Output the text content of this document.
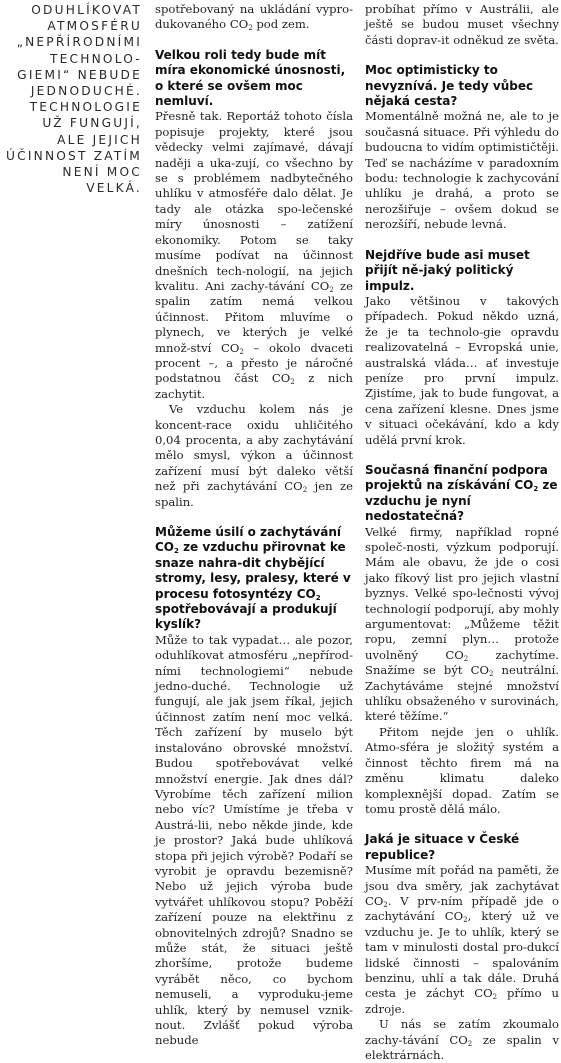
ODUHLÍKOVAT

ATMOSFÉRU

„NEPŘÍRODNÍMI

TECHNOLO-

GIEMI“ NEBUDE

JEDNODUCHÉ.

TECHNOLOGIE

UŽ FUNGUJÍ,

ALE JEJICH

ÚČINNOST ZATÍM

NENÍ MOC

VELKÁ.

spotřebovaný na ukládání vypro-dukovaného $CO_2$ pod zem.

Velkou roli tedy bude mít míra ekonomické únosnosti, o které se ovšem moc nemluví.

Přesně tak. Reportáž tohoto čísla popisuje projekty, které jsou vědecky velmi zajímavé, dávají naději a uka-zují, co všechno by se s problémem nadbytečného uhlíku v atmosféře dalo dělat. Je tady ale otázka spo-lečenské míry únosnosti – zatížení ekonomiky. Potom se taky musíme podívat na účinnost dnešních tech-nologií, na jejich kvalitu. Ani zachy-távání $CO_2$ ze spalin zatím nemá velkou účinnost. Přitom mluvíme o plynech, ve kterých je velké množ-ství $CO_2$ – okolo dvaceti procent –, a přesto je náročné podstatnou část $CO_2$ z nich zachytit.

Ve vzduchu kolem nás je koncent-race oxidu uhličitého 0,04 procenta, a aby zachytávání mělo smysl, výkon a účinnost zařízení musí být daleko větší než při zachytávání $CO_2$ jen ze spalin.

Můžeme úsilí o zachytávání $CO_2$ ze vzduchu přirovnat ke snaze nahra-dit chybějící stromy, lesy, pralesy, které v procesu fotosyntézy $CO_2$ spotřebovávají a produkují kyslík?

Může to tak vypadat… ale pozor, oduhlíkovat atmosféru „nepřírod-ními technologiemi“ nebude jedno-duché. Technologie už fungují, ale jak jsem říkal, jejich účinnost zatím není moc velká. Těch zařízení by muselo být instalováno obrovské množství. Budou spotřebovávat velké množství energie. Jak dnes dál? Vyrobíme těch zařízení milion nebo víc? Umístíme je třeba v Austrá-lii, nebo někde jinde, kde je prostor? Jaká bude uhlíková stopa při jejich výrobě? Podaří se vyrobit je opravdu bezemisně? Nebo už jejich výroba bude vytvářet uhlíkovou stopu? Poběží zařízení pouze na elektřinu z obnovitelných zdrojů? Snadno se může stát, že situaci ještě zhoršíme, protože budeme vyrábět něco, co bychom nemuseli, a vyproduku-jeme uhlík, který by nemusel vznik-nout. Zvlášť pokud výroba nebude

probíhat přímo v Austrálii, ale ještě se budou muset všechny části doprav-it odněkud ze světa.

Moc optimisticky to nevyznívá. Je tedy vůbec nějaká cesta?

Momentálně možná ne, ale to je současná situace. Při výhledu do budoucna to vidím optimističtěji. Teď se nacházíme v paradoxním bodu: technologie k zachycování uhlíku je drahá, a proto se nerozšiřuje – ovšem dokud se nerozšíří, nebude levná.

Nejdříve bude asi muset přijít ně-jaký politický impulz.

Jako většinou v takových případech. Pokud někdo uzná, že je ta technolo-gie opravdu realizovatelná – Evropská unie, australská vláda… ať investuje peníze pro první impulz. Zjistíme, jak to bude fungovat, a cena zařízení klesne. Dnes jsme v situaci očekávání, kdo a kdy udělá první krok.

Současná finanční podpora projektů na získávání $CO_2$ ze vzduchu je nyní nedostatečná?

Velké firmy, například ropné společ-nosti, výzkum podporují. Mám ale obavu, že jde o cosi jako fíkový list pro jejich vlastní byznys. Velké spo-lečnosti vývoj technologií podporují, aby mohly argumentovat: „Můžeme těžit ropu, zemní plyn… protože uvolněný $CO_2$ zachytíme. Snažíme se být $CO_2$ neutrální. Zachytáváme stejné množství uhlíku obsaženého v surovinách, které těžíme.“

Přitom nejde jen o uhlík. Atmo-sféra je složitý systém a činnost těchto firem má na změnu klimatu daleko komplexnější dopad. Zatím se tomu prostě dělá málo.

Jaká je situace v České republice?

Musíme mít pořád na paměti, že jsou dva směry, jak zachytávat $CO_2$. V prv-ním případě jde o zachytávání $CO_2$, který už ve vzduchu je. Je to uhlík, který se tam v minulosti dostal pro-dukcí lidské činnosti – spalováním benzinu, uhlí a tak dále. Druhá cesta je záchyt $CO_2$ přímo u zdroje.

U nás se zatím zkoumalo zachy-távání $CO_2$ ze spalin v elektrárnách.
